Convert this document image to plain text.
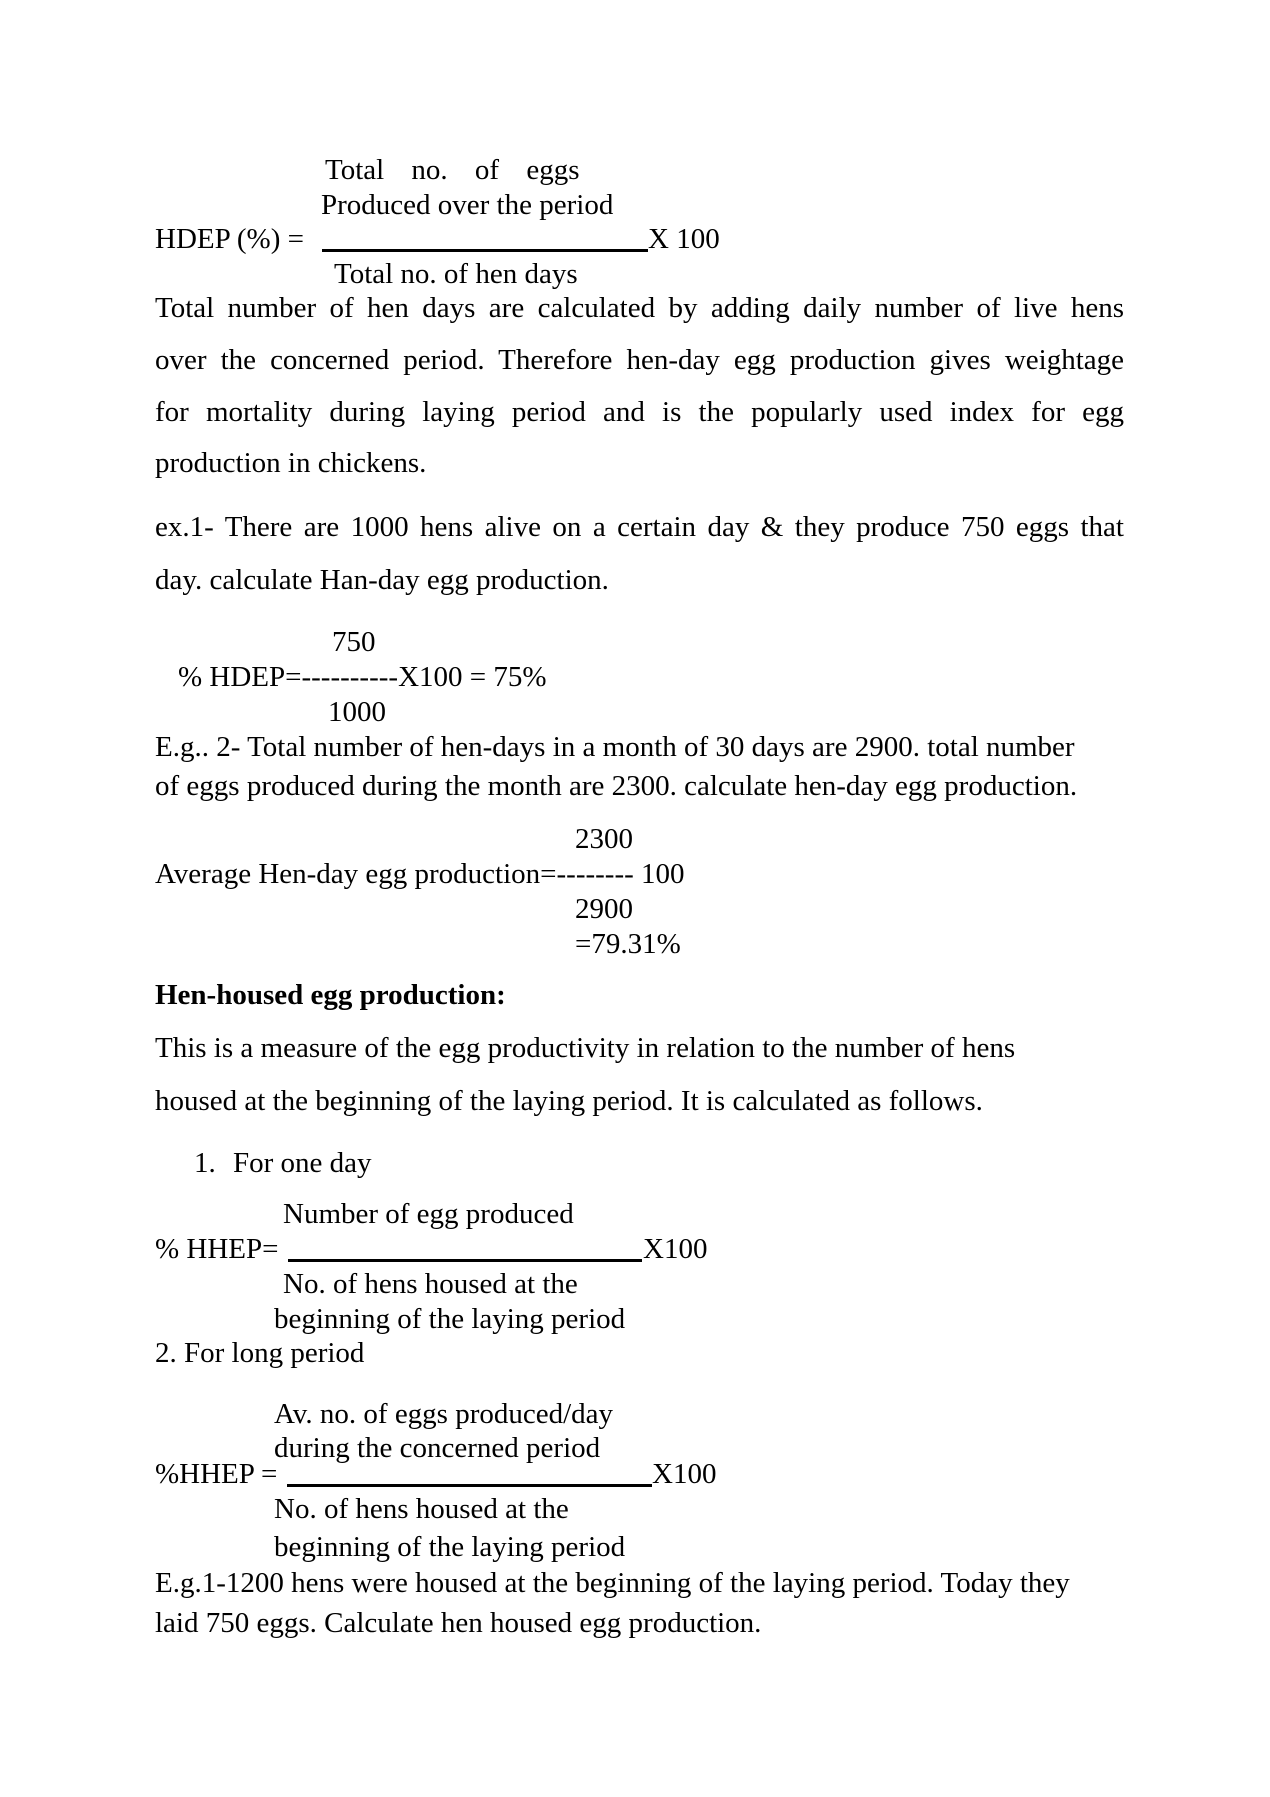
Total no. of eggs
Produced over the period
HDEP (%) =	X 100
Total no. of hen days
Total number of hen days are calculated by adding daily number of live hens
over the concerned period. Therefore hen-day egg production gives weightage
for mortality during laying period and is the popularly used index for egg
production in chickens.
ex.1- There are 1000 hens alive on a certain day & they produce 750 eggs that
day. calculate Han-day egg production.
750
% HDEP=----------X100 = 75%
1000
E.g.. 2- Total number of hen-days in a month of 30 days are 2900. total number
of eggs produced during the month are 2300. calculate hen-day egg production.
2300
Average Hen-day egg production=-------- 100
2900
=79.31%
Hen-housed egg production:
This is a measure of the egg productivity in relation to the number of hens
housed at the beginning of the laying period. It is calculated as follows.
1. For one day
Number of egg produced
% HHEP=	X100
No. of hens housed at the
beginning of the laying period
2. For long period
Av. no. of eggs produced/day
during the concerned period
%HHEP =	X100
No. of hens housed at the
beginning of the laying period
E.g.1-1200 hens were housed at the beginning of the laying period. Today they
laid 750 eggs. Calculate hen housed egg production.
